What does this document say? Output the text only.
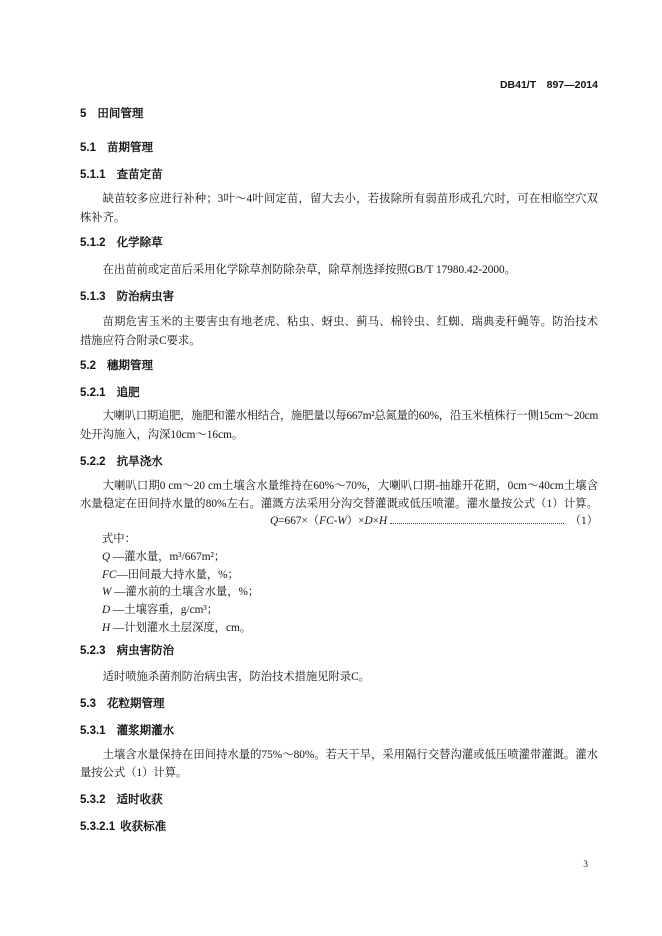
DB41/T　897—2014
5 田间管理
5.1 苗期管理
5.1.1 查苗定苗
缺苗较多应进行补种；3叶～4叶间定苗，留大去小，若拔除所有弱苗形成孔穴时，可在相临空穴双
株补齐。
5.1.2 化学除草
在出苗前或定苗后采用化学除草剂防除杂草，除草剂选择按照GB/T 17980.42-2000。
5.1.3 防治病虫害
苗期危害玉米的主要害虫有地老虎、粘虫、蚜虫、蓟马、棉铃虫、红蜘、瑞典麦秆蝇等。防治技术
措施应符合附录C要求。
5.2 穗期管理
5.2.1 追肥
大喇叭口期追肥，施肥和灌水相结合，施肥量以每667m²总氮量的60%，沿玉米植株行一侧15cm～20cm
处开沟施入，沟深10cm～16cm。
5.2.2 抗旱浇水
大喇叭口期0 cm～20 cm土壤含水量维持在60%～70%，大喇叭口期-抽雄开花期，0cm～40cm土壤含
水量稳定在田间持水量的80%左右。灌溉方法采用分沟交替灌溉或低压喷灌。灌水量按公式（1）计算。
Q=667×（FC-W）×D×H	（1）
式中：
Q —灌水量，m³/667m²；
FC—田间最大持水量，%；
W —灌水前的土壤含水量，%；
D —土壤容重，g/cm³；
H —计划灌水土层深度，cm。
5.2.3 病虫害防治
适时喷施杀菌剂防治病虫害，防治技术措施见附录C。
5.3 花粒期管理
5.3.1 灌浆期灌水
土壤含水量保持在田间持水量的75%～80%。若天干旱，采用隔行交替沟灌或低压喷灌带灌溉。灌水
量按公式（1）计算。
5.3.2 适时收获
5.3.2.1 收获标准
3
